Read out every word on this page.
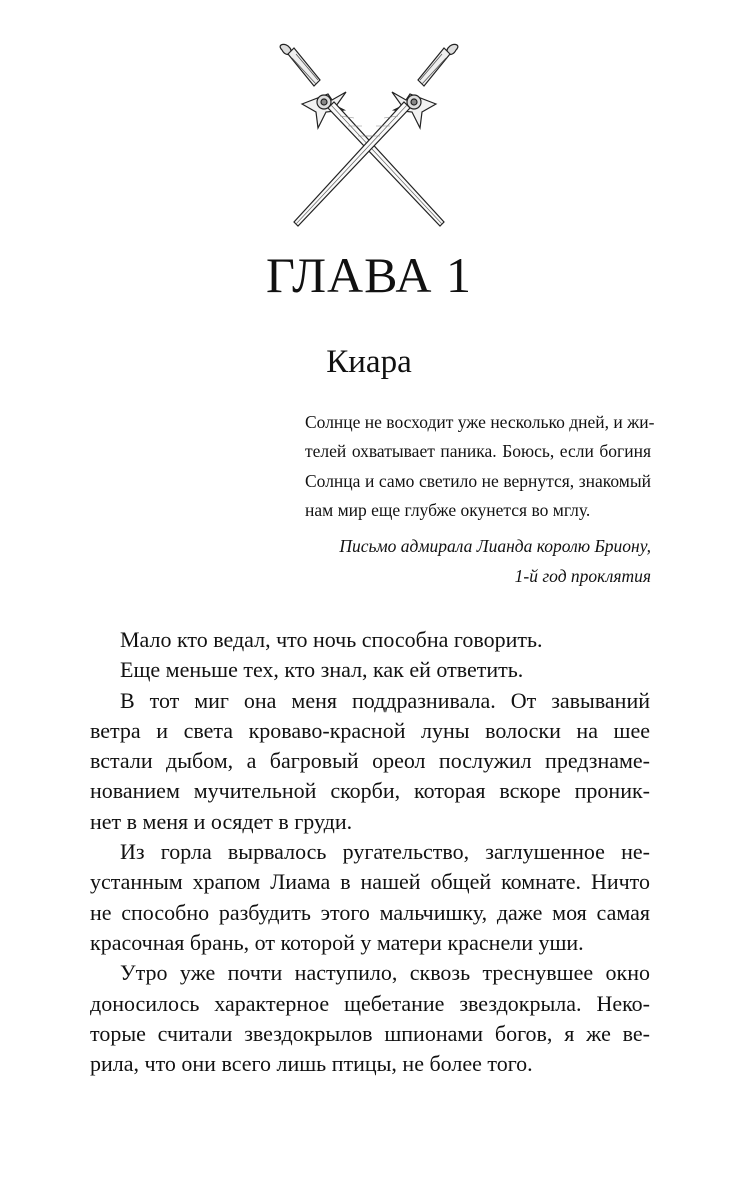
ГЛАВА 1
Киара
Солнце не восходит уже несколько дней, и жи-
телей охватывает паника. Боюсь, если богиня
Солнца и само светило не вернутся, знакомый
нам мир еще глубже окунется во мглу.
Письмо адмирала Лианда королю Бриону,
1-й год проклятия
Мало кто ведал, что ночь способна говорить.
Еще меньше тех, кто знал, как ей ответить.
В тот миг она меня поддразнивала. От завываний
ветра и света кроваво-красной луны волоски на шее
встали дыбом, а багровый ореол послужил предзнаме-
нованием мучительной скорби, которая вскоре проник-
нет в меня и осядет в груди.
Из горла вырвалось ругательство, заглушенное не-
устанным храпом Лиама в нашей общей комнате. Ничто
не способно разбудить этого мальчишку, даже моя самая
красочная брань, от которой у матери краснели уши.
Утро уже почти наступило, сквозь треснувшее окно
доносилось характерное щебетание звездокрыла. Неко-
торые считали звездокрылов шпионами богов, я же ве-
рила, что они всего лишь птицы, не более того.
